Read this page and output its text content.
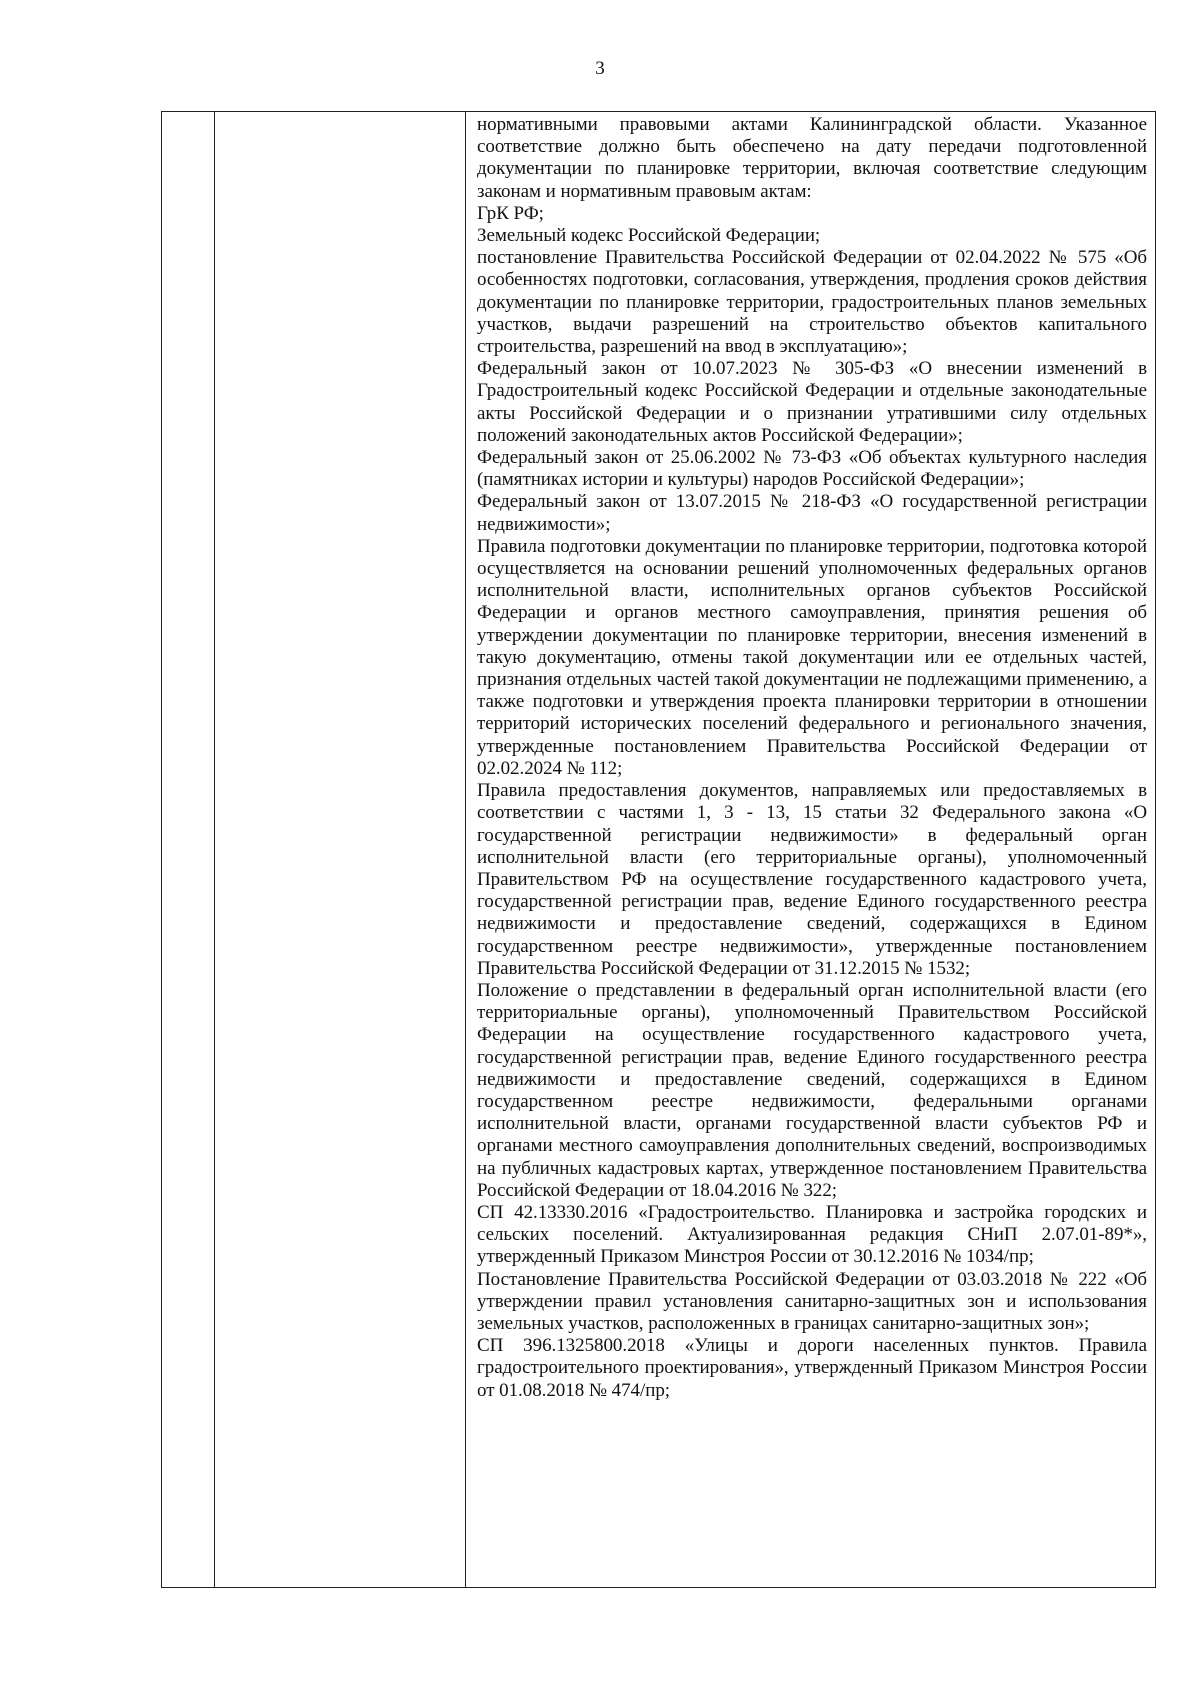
3

нормативными правовыми актами Калининградской области. Указанное соответствие должно быть обеспечено на дату передачи подготовленной документации по планировке территории, включая соответствие следующим законам и нормативным правовым актам:

ГрК РФ;

Земельный кодекс Российской Федерации;

постановление Правительства Российской Федерации от 02.04.2022 № 575 «Об особенностях подготовки, согласования, утверждения, продления сроков действия документации по планировке территории, градостроительных планов земельных участков, выдачи разрешений на строительство объектов капитального строительства, разрешений на ввод в эксплуатацию»;

Федеральный закон от 10.07.2023 № 305-ФЗ «О внесении изменений в Градостроительный кодекс Российской Федерации и отдельные законодательные акты Российской Федерации и о признании утратившими силу отдельных положений законодательных актов Российской Федерации»;

Федеральный закон от 25.06.2002 № 73-ФЗ «Об объектах культурного наследия (памятниках истории и культуры) народов Российской Федерации»;

Федеральный закон от 13.07.2015 № 218-ФЗ «О государственной регистрации недвижимости»;

Правила подготовки документации по планировке территории, подготовка которой осуществляется на основании решений уполномоченных федеральных органов исполнительной власти, исполнительных органов субъектов Российской Федерации и органов местного самоуправления, принятия решения об утверждении документации по планировке территории, внесения изменений в такую документацию, отмены такой документации или ее отдельных частей, признания отдельных частей такой документации не подлежащими применению, а также подготовки и утверждения проекта планировки территории в отношении территорий исторических поселений федерального и регионального значения, утвержденные постановлением Правительства Российской Федерации от 02.02.2024 № 112;

Правила предоставления документов, направляемых или предоставляемых в соответствии с частями 1, 3 - 13, 15 статьи 32 Федерального закона «О государственной регистрации недвижимости» в федеральный орган исполнительной власти (его территориальные органы), уполномоченный Правительством РФ на осуществление государственного кадастрового учета, государственной регистрации прав, ведение Единого государственного реестра недвижимости и предоставление сведений, содержащихся в Едином государственном реестре недвижимости», утвержденные постановлением Правительства Российской Федерации от 31.12.2015 № 1532;

Положение о представлении в федеральный орган исполнительной власти (его территориальные органы), уполномоченный Правительством Российской Федерации на осуществление государственного кадастрового учета, государственной регистрации прав, ведение Единого государственного реестра недвижимости и предоставление сведений, содержащихся в Едином государственном реестре недвижимости, федеральными органами исполнительной власти, органами государственной власти субъектов РФ и органами местного самоуправления дополнительных сведений, воспроизводимых на публичных кадастровых картах, утвержденное постановлением Правительства Российской Федерации от 18.04.2016 № 322;

СП 42.13330.2016 «Градостроительство. Планировка и застройка городских и сельских поселений. Актуализированная редакция СНиП 2.07.01-89*», утвержденный Приказом Минстроя России от 30.12.2016 № 1034/пр;

Постановление Правительства Российской Федерации от 03.03.2018 № 222 «Об утверждении правил установления санитарно-защитных зон и использования земельных участков, расположенных в границах санитарно-защитных зон»;

СП 396.1325800.2018 «Улицы и дороги населенных пунктов. Правила градостроительного проектирования», утвержденный Приказом Минстроя России от 01.08.2018 № 474/пр;
